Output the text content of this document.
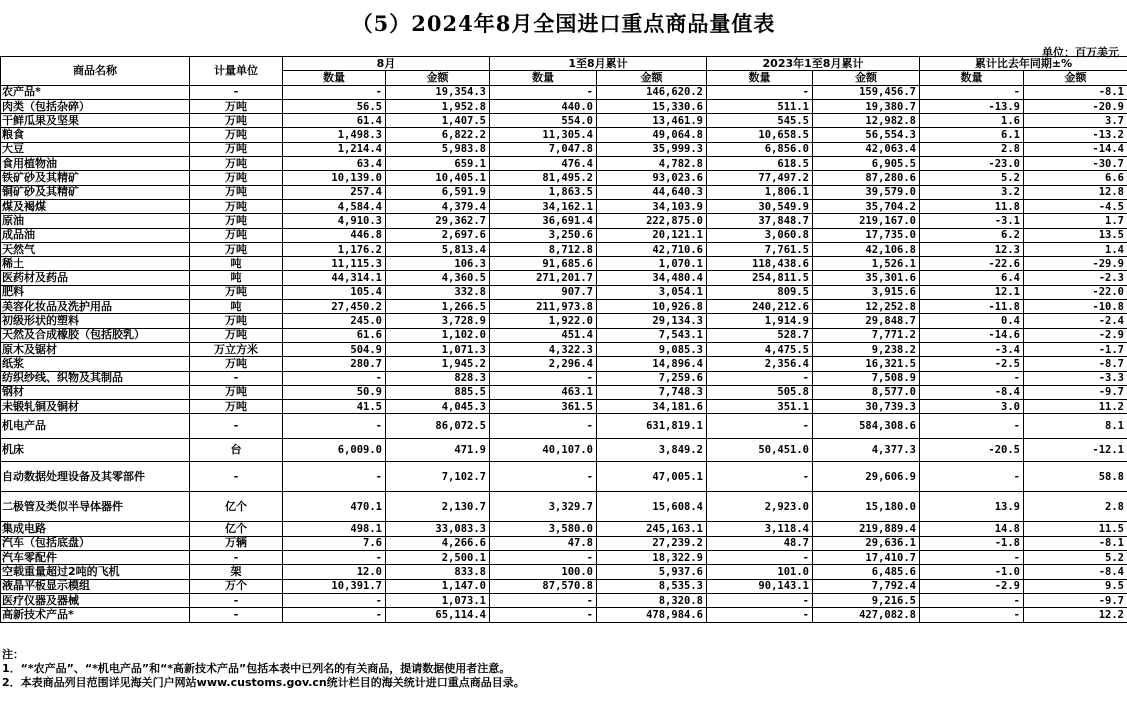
（5）2024年8月全国进口重点商品量值表
单位：百万美元
商品名称	计量单位	8月		1至8月累计		2023年1至8月累计		累计比去年同期±%	
		数量	金额	数量	金额	数量	金额	数量	金额
农产品*	-	-	19,354.3	-	146,620.2	-	159,456.7	-	-8.1
肉类（包括杂碎）	万吨	56.5	1,952.8	440.0	15,330.6	511.1	19,380.7	-13.9	-20.9
干鲜瓜果及坚果	万吨	61.4	1,407.5	554.0	13,461.9	545.5	12,982.8	1.6	3.7
粮食	万吨	1,498.3	6,822.2	11,305.4	49,064.8	10,658.5	56,554.3	6.1	-13.2
大豆	万吨	1,214.4	5,983.8	7,047.8	35,999.3	6,856.0	42,063.4	2.8	-14.4
食用植物油	万吨	63.4	659.1	476.4	4,782.8	618.5	6,905.5	-23.0	-30.7
铁矿砂及其精矿	万吨	10,139.0	10,405.1	81,495.2	93,023.6	77,497.2	87,280.6	5.2	6.6
铜矿砂及其精矿	万吨	257.4	6,591.9	1,863.5	44,640.3	1,806.1	39,579.0	3.2	12.8
煤及褐煤	万吨	4,584.4	4,379.4	34,162.1	34,103.9	30,549.9	35,704.2	11.8	-4.5
原油	万吨	4,910.3	29,362.7	36,691.4	222,875.0	37,848.7	219,167.0	-3.1	1.7
成品油	万吨	446.8	2,697.6	3,250.6	20,121.1	3,060.8	17,735.0	6.2	13.5
天然气	万吨	1,176.2	5,813.4	8,712.8	42,710.6	7,761.5	42,106.8	12.3	1.4
稀土	吨	11,115.3	106.3	91,685.6	1,070.1	118,438.6	1,526.1	-22.6	-29.9
医药材及药品	吨	44,314.1	4,360.5	271,201.7	34,480.4	254,811.5	35,301.6	6.4	-2.3
肥料	万吨	105.4	332.8	907.7	3,054.1	809.5	3,915.6	12.1	-22.0
美容化妆品及洗护用品	吨	27,450.2	1,266.5	211,973.8	10,926.8	240,212.6	12,252.8	-11.8	-10.8
初级形状的塑料	万吨	245.0	3,728.9	1,922.0	29,134.3	1,914.9	29,848.7	0.4	-2.4
天然及合成橡胶（包括胶乳）	万吨	61.6	1,102.0	451.4	7,543.1	528.7	7,771.2	-14.6	-2.9
原木及锯材	万立方米	504.9	1,071.3	4,322.3	9,085.3	4,475.5	9,238.2	-3.4	-1.7
纸浆	万吨	280.7	1,945.2	2,296.4	14,896.4	2,356.4	16,321.5	-2.5	-8.7
纺织纱线、织物及其制品	-	-	828.3	-	7,259.6	-	7,508.9	-	-3.3
钢材	万吨	50.9	885.5	463.1	7,748.3	505.8	8,577.0	-8.4	-9.7
未锻轧铜及铜材	万吨	41.5	4,045.3	361.5	34,181.6	351.1	30,739.3	3.0	11.2
机电产品	-	-	86,072.5	-	631,819.1	-	584,308.6	-	8.1
机床	台	6,009.0	471.9	40,107.0	3,849.2	50,451.0	4,377.3	-20.5	-12.1
自动数据处理设备及其零部件	-	-	7,102.7	-	47,005.1	-	29,606.9	-	58.8
二极管及类似半导体器件	亿个	470.1	2,130.7	3,329.7	15,608.4	2,923.0	15,180.0	13.9	2.8
集成电路	亿个	498.1	33,083.3	3,580.0	245,163.1	3,118.4	219,889.4	14.8	11.5
汽车（包括底盘）	万辆	7.6	4,266.6	47.8	27,239.2	48.7	29,636.1	-1.8	-8.1
汽车零配件	-	-	2,500.1	-	18,322.9	-	17,410.7	-	5.2
空载重量超过2吨的飞机	架	12.0	833.8	100.0	5,937.6	101.0	6,485.6	-1.0	-8.4
液晶平板显示模组	万个	10,391.7	1,147.0	87,570.8	8,535.3	90,143.1	7,792.4	-2.9	9.5
医疗仪器及器械	-	-	1,073.1	-	8,320.8	-	9,216.5	-	-9.7
高新技术产品*	-	-	65,114.4	-	478,984.6	-	427,082.8	-	12.2
注：
1．“*农产品”、“*机电产品”和“*高新技术产品”包括本表中已列名的有关商品，提请数据使用者注意。
2．本表商品列目范围详见海关门户网站www.customs.gov.cn统计栏目的海关统计进口重点商品目录。
